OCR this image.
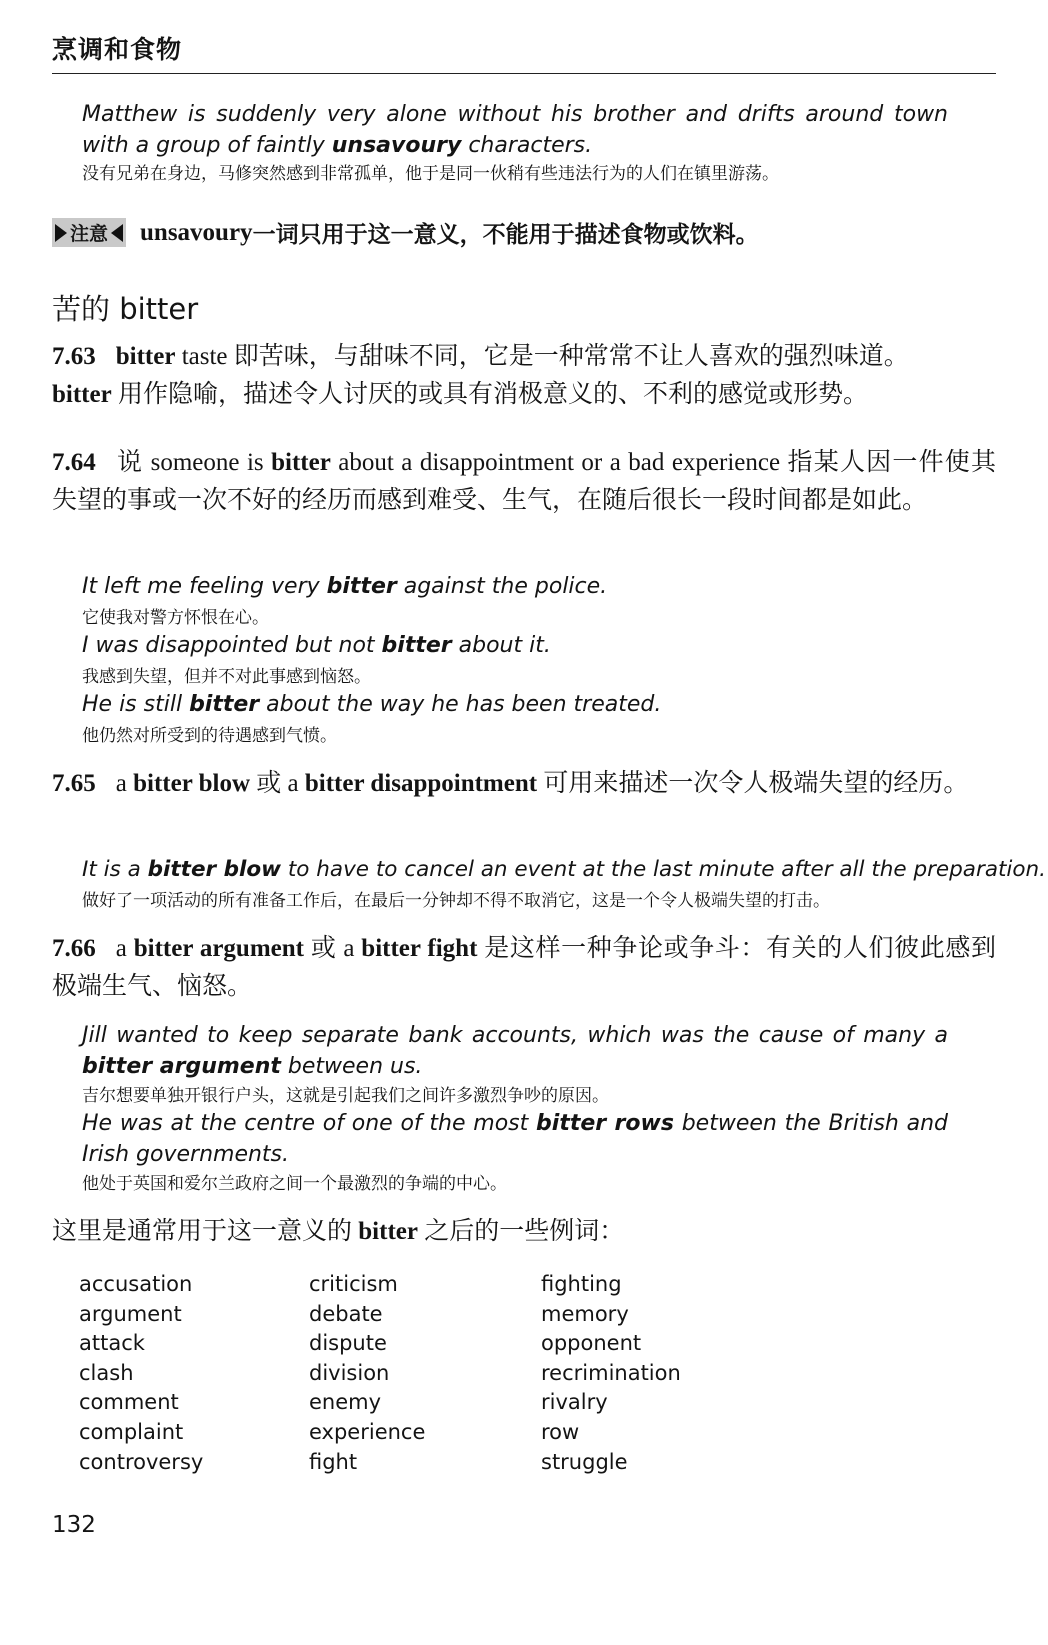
烹调和食物
Matthew is suddenly very alone without his brother and drifts around town with a group of faintly unsavoury characters.
没有兄弟在身边，马修突然感到非常孤单，他于是同一伙稍有些违法行为的人们在镇里游荡。
注意 unsavoury 一词只用于这一意义，不能用于描述食物或饮料。
苦的 bitter
7.63 bitter taste 即苦味，与甜味不同，它是一种常常不让人喜欢的强烈味道。
bitter 用作隐喻，描述令人讨厌的或具有消极意义的、不利的感觉或形势。
7.64 说 someone is bitter about a disappointment or a bad experience 指某人因一件使其失望的事或一次不好的经历而感到难受、生气，在随后很长一段时间都是如此。
It left me feeling very bitter against the police.
它使我对警方怀恨在心。
I was disappointed but not bitter about it.
我感到失望，但并不对此事感到恼怒。
He is still bitter about the way he has been treated.
他仍然对所受到的待遇感到气愤。
7.65 a bitter blow 或 a bitter disappointment 可用来描述一次令人极端失望的经历。
It is a bitter blow to have to cancel an event at the last minute after all the preparation.
做好了一项活动的所有准备工作后，在最后一分钟却不得不取消它，这是一个令人极端失望的打击。
7.66 a bitter argument 或 a bitter fight 是这样一种争论或争斗：有关的人们彼此感到极端生气、恼怒。
Jill wanted to keep separate bank accounts, which was the cause of many a bitter argument between us.
吉尔想要单独开银行户头，这就是引起我们之间许多激烈争吵的原因。
He was at the centre of one of the most bitter rows between the British and Irish governments.
他处于英国和爱尔兰政府之间一个最激烈的争端的中心。
这里是通常用于这一意义的 bitter 之后的一些例词：
accusation
argument
attack
clash
comment
complaint
controversy
criticism
debate
dispute
division
enemy
experience
fight
fighting
memory
opponent
recrimination
rivalry
row
struggle
132
